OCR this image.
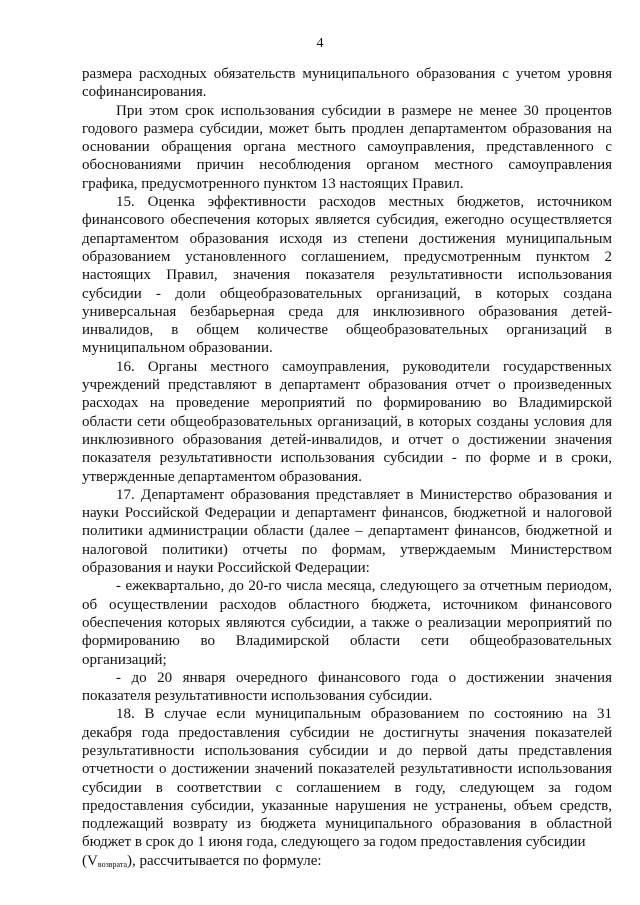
4

размера расходных обязательств муниципального образования с учетом уровня софинансирования.

При этом срок использования субсидии в размере не менее 30 процентов годового размера субсидии, может быть продлен департаментом образования на основании обращения органа местного самоуправления, представленного с обоснованиями причин несоблюдения органом местного самоуправления графика, предусмотренного пунктом 13 настоящих Правил.

15. Оценка эффективности расходов местных бюджетов, источником финансового обеспечения которых является субсидия, ежегодно осуществляется департаментом образования исходя из степени достижения муниципальным образованием установленного соглашением, предусмотренным пунктом 2 настоящих Правил, значения показателя результативности использования субсидии - доли общеобразовательных организаций, в которых создана универсальная безбарьерная среда для инклюзивного образования детей-инвалидов, в общем количестве общеобразовательных организаций в муниципальном образовании.

16. Органы местного самоуправления, руководители государственных учреждений представляют в департамент образования отчет о произведенных расходах на проведение мероприятий по формированию во Владимирской области сети общеобразовательных организаций, в которых созданы условия для инклюзивного образования детей-инвалидов, и отчет о достижении значения показателя результативности использования субсидии - по форме и в сроки, утвержденные департаментом образования.

17. Департамент образования представляет в Министерство образования и науки Российской Федерации и департамент финансов, бюджетной и налоговой политики администрации области (далее – департамент финансов, бюджетной и налоговой политики) отчеты по формам, утверждаемым Министерством образования и науки Российской Федерации:

- ежеквартально, до 20-го числа месяца, следующего за отчетным периодом, об осуществлении расходов областного бюджета, источником финансового обеспечения которых являются субсидии, а также о реализации мероприятий по формированию во Владимирской области сети общеобразовательных организаций;

- до 20 января очередного финансового года о достижении значения показателя результативности использования субсидии.

18. В случае если муниципальным образованием по состоянию на 31 декабря года предоставления субсидии не достигнуты значения показателей результативности использования субсидии и до первой даты представления отчетности о достижении значений показателей результативности использования субсидии в соответствии с соглашением в году, следующем за годом предоставления субсидии, указанные нарушения не устранены, объем средств, подлежащий возврату из бюджета муниципального образования в областной бюджет в срок до 1 июня года, следующего за годом предоставления субсидии

$(V_{возврата})$, рассчитывается по формуле:
